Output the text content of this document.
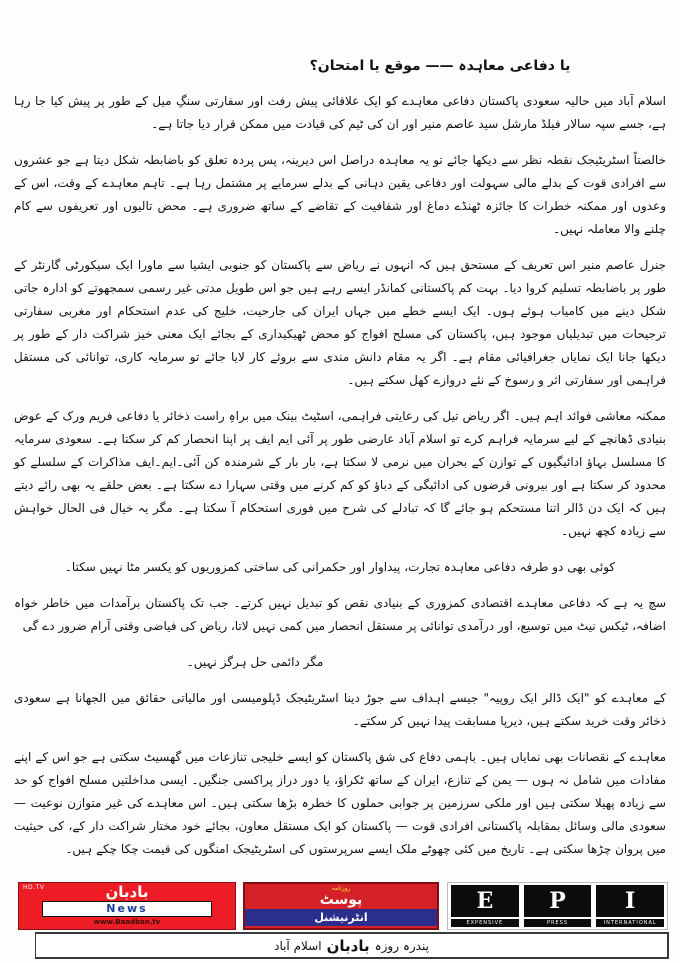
یا دفاعی معاہدہ —— موقع یا امتحان؟

اسلام آباد میں حالیہ سعودی پاکستان دفاعی معاہدے کو ایک علاقائی پیش رفت اور سفارتی سنگِ میل کے طور پر پیش کیا جا رہا ہے، جسے سپہ سالار فیلڈ مارشل سید عاصم منیر اور ان کی ٹیم کی قیادت میں ممکن قرار دیا جاتا ہے۔

خالصتاً اسٹریٹیجک نقطہ نظر سے دیکھا جائے تو یہ معاہدہ دراصل اس دیرینہ، پس پردہ تعلق کو باضابطہ شکل دیتا ہے جو عشروں سے افرادی قوت کے بدلے مالی سہولت اور دفاعی یقین دہانی کے بدلے سرمایے پر مشتمل رہا ہے۔ تاہم معاہدے کے وقت، اس کے وعدوں اور ممکنہ خطرات کا جائزہ ٹھنڈے دماغ اور شفافیت کے تقاضے کے ساتھ ضروری ہے۔ محض تالیوں اور تعریفوں سے کام چلنے والا معاملہ نہیں۔

جنرل عاصم منیر اس تعریف کے مستحق ہیں کہ انہوں نے ریاض سے پاکستان کو جنوبی ایشیا سے ماورا ایک سیکورٹی گارنٹر کے طور پر باضابطہ تسلیم کروا دیا۔ بہت کم پاکستانی کمانڈر ایسے رہے ہیں جو اس طویل مدتی غیر رسمی سمجھوتے کو ادارہ جاتی شکل دینے میں کامیاب ہوئے ہوں۔ ایک ایسے خطے میں جہاں ایران کی جارحیت، خلیج کی عدم استحکام اور مغربی سفارتی ترجیحات میں تبدیلیاں موجود ہیں، پاکستان کی مسلح افواج کو محض ٹھیکیداری کے بجائے ایک معنی خیز شراکت دار کے طور پر دیکھا جانا ایک نمایاں جغرافیائی مقام ہے۔ اگر یہ مقام دانش مندی سے بروئے کار لایا جائے تو سرمایہ کاری، توانائی کی مستقل فراہمی اور سفارتی اثر و رسوخ کے نئے دروازے کھل سکتے ہیں۔

ممکنہ معاشی فوائد اہم ہیں۔ اگر ریاض تیل کی رعایتی فراہمی، اسٹیٹ بینک میں براہِ راست ذخائر یا دفاعی فریم ورک کے عوض بنیادی ڈھانچے کے لیے سرمایہ فراہم کرے تو اسلام آباد عارضی طور پر آئی ایم ایف پر اپنا انحصار کم کر سکتا ہے۔ سعودی سرمایہ کا مسلسل بہاؤ ادائیگیوں کے توازن کے بحران میں نرمی لا سکتا ہے، بار بار کے شرمندہ کن آئی۔ایم۔ایف مذاکرات کے سلسلے کو محدود کر سکتا ہے اور بیرونی قرضوں کی ادائیگی کے دباؤ کو کم کرنے میں وقتی سہارا دے سکتا ہے۔ بعض حلقے یہ بھی رائے دیتے ہیں کہ ایک دن ڈالر اتنا مستحکم ہو جائے گا کہ تبادلے کی شرح میں فوری استحکام آ سکتا ہے۔ مگر یہ خیال فی الحال خواہش سے زیادہ کچھ نہیں۔

کوئی بھی دو طرفہ دفاعی معاہدہ تجارت، پیداوار اور حکمرانی کی ساختی کمزوریوں کو یکسر مٹا نہیں سکتا۔

سچ یہ ہے کہ دفاعی معاہدے اقتصادی کمزوری کے بنیادی نقص کو تبدیل نہیں کرتے۔ جب تک پاکستان برآمدات میں خاطر خواہ اضافہ، ٹیکس نیٹ میں توسیع، اور درآمدی توانائی پر مستقل انحصار میں کمی نہیں لاتا، ریاض کی فیاضی وقتی آرام ضرور دے گی

مگر دائمی حل ہرگز نہیں۔

کے معاہدے کو "ایک ڈالر ایک روپیہ" جیسے اہداف سے جوڑ دینا اسٹریٹیجک ڈپلومیسی اور مالیاتی حقائق میں الجھانا ہے سعودی ذخائر وقت خرید سکتے ہیں، دیرپا مسابقت پیدا نہیں کر سکتے۔

معاہدے کے نقصانات بھی نمایاں ہیں۔ باہمی دفاع کی شق پاکستان کو ایسے خلیجی تنازعات میں گھسیٹ سکتی ہے جو اس کے اپنے مفادات میں شامل نہ ہوں — یمن کے تنازع، ایران کے ساتھ ٹکراؤ، یا دور دراز پراکسی جنگیں۔ ایسی مداخلتیں مسلح افواج کو حد سے زیادہ پھیلا سکتی ہیں اور ملکی سرزمین پر جوابی حملوں کا خطرہ بڑھا سکتی ہیں۔ اس معاہدے کی غیر متوازن نوعیت — سعودی مالی وسائل بمقابلہ پاکستانی افرادی قوت — پاکستان کو ایک مستقل معاون، بجائے خود مختار شراکت دار کے، کی حیثیت میں پروان چڑھا سکتی ہے۔ تاریخ میں کئی چھوٹے ملک ایسے سرپرستوں کی اسٹریٹیجک امنگوں کی قیمت چکا چکے ہیں۔

HD.TV	بادبان
News
www.Baadban.tv
روزنامہ
پوسٹ
انٹرنیشنل
E
EXPENSIVE
P
PRESS
I
INTERNATIONAL
پندرہ روزہ
بادبان
اسلام آباد
